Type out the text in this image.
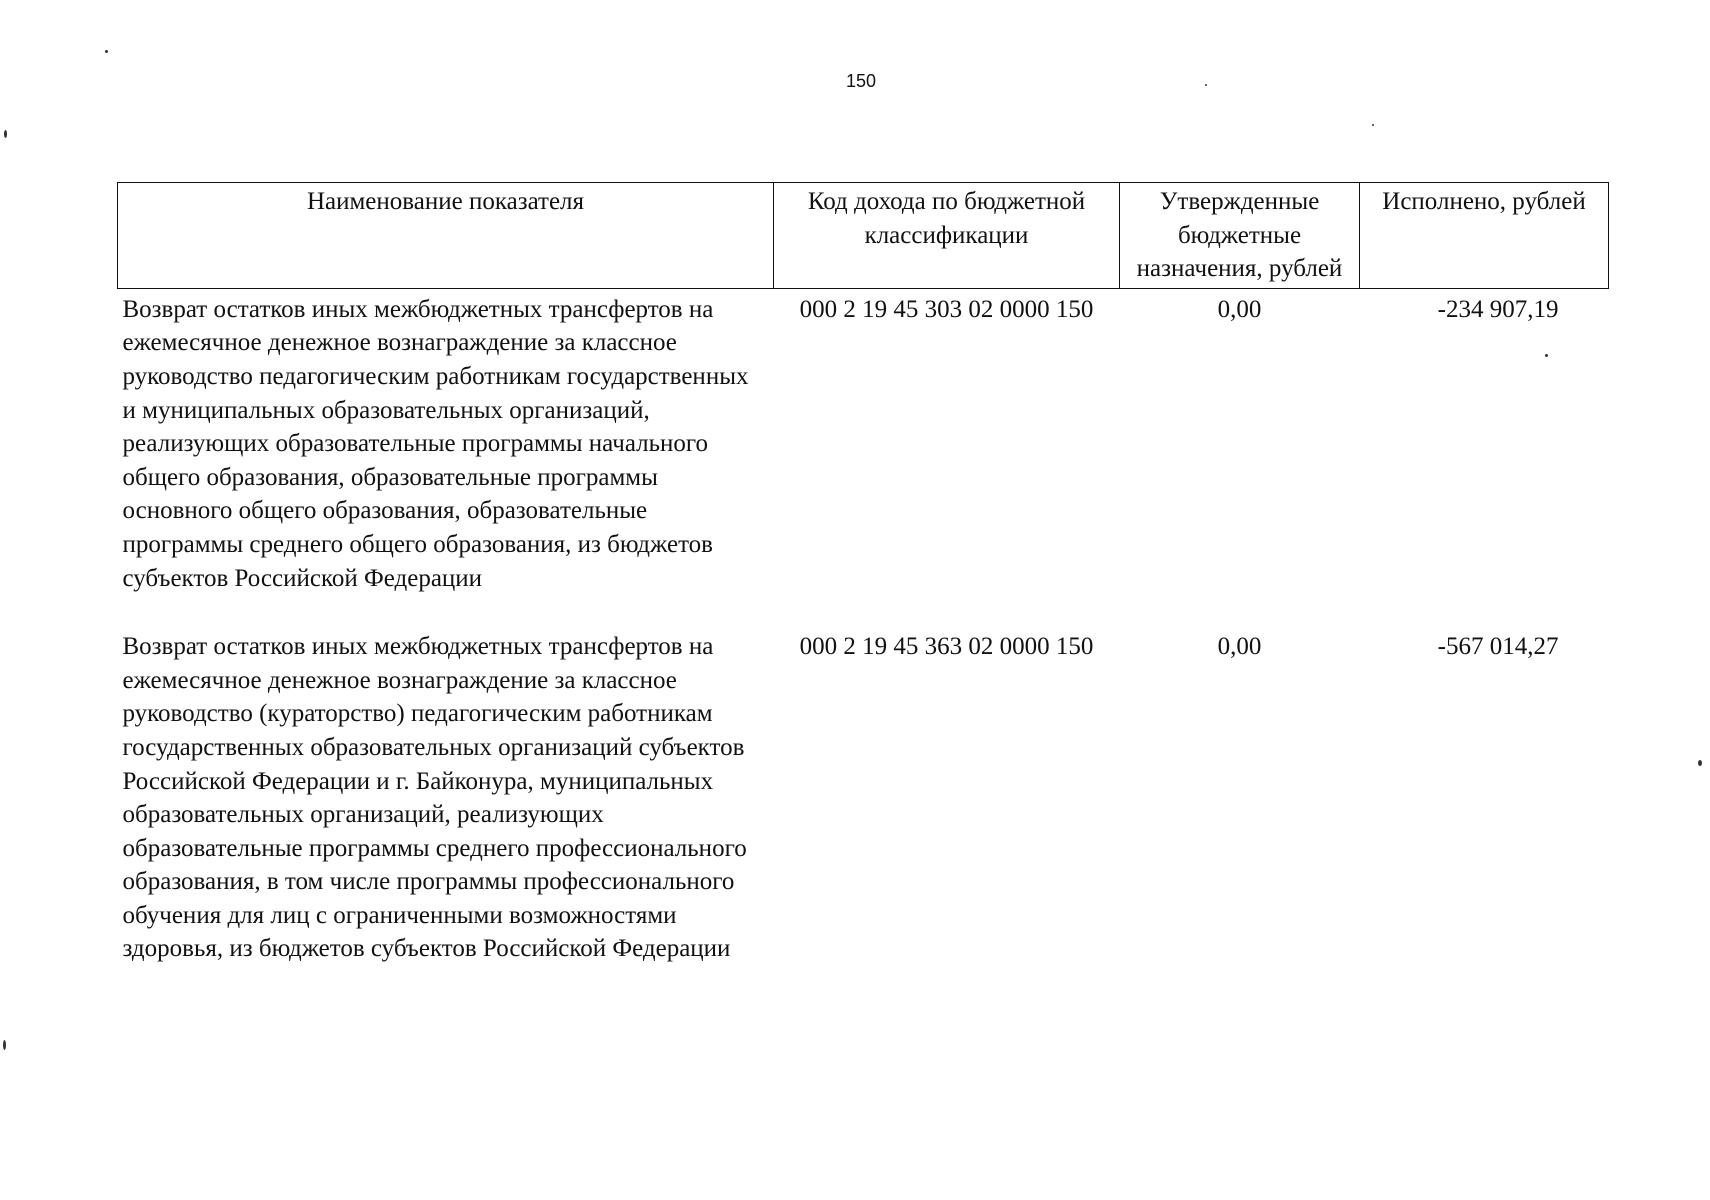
150
Наименование показателя	Код дохода по бюджетной классификации	Утвержденные бюджетные назначения, рублей	Исполнено, рублей
Возврат остатков иных межбюджетных трансфертов на ежемесячное денежное вознаграждение за классное руководство педагогическим работникам государственных и муниципальных образовательных организаций, реализующих образовательные программы начального общего образования, образовательные программы основного общего образования, образовательные программы среднего общего образования, из бюджетов субъектов Российской Федерации	000 2 19 45 303 02 0000 150	0,00	-234 907,19
Возврат остатков иных межбюджетных трансфертов на ежемесячное денежное вознаграждение за классное руководство (кураторство) педагогическим работникам государственных образовательных организаций субъектов Российской Федерации и г. Байконура, муниципальных образовательных организаций, реализующих образовательные программы среднего профессионального образования, в том числе программы профессионального обучения для лиц с ограниченными возможностями здоровья, из бюджетов субъектов Российской Федерации	000 2 19 45 363 02 0000 150	0,00	-567 014,27
